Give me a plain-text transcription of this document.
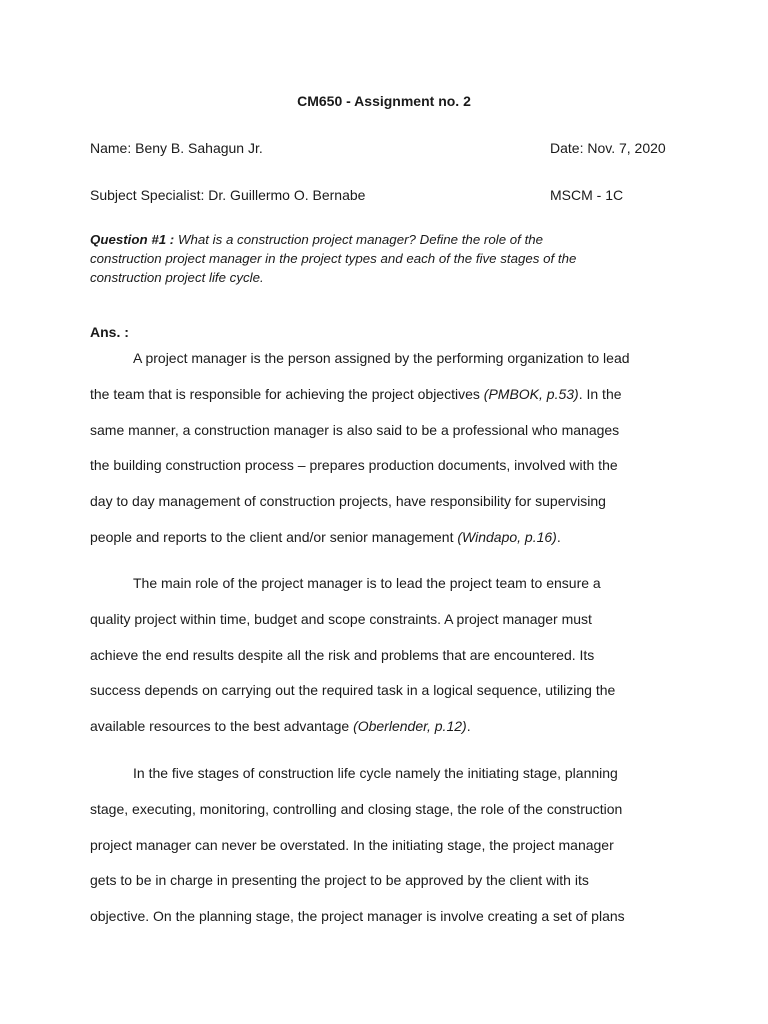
CM650 - Assignment no. 2
Name: Beny B. Sahagun Jr.	Date: Nov. 7, 2020
Subject Specialist: Dr. Guillermo O. Bernabe	MSCM - 1C
Question #1 : What is a construction project manager? Define the role of the
construction project manager in the project types and each of the five stages of the
construction project life cycle.
Ans. :
A project manager is the person assigned by the performing organization to lead
the team that is responsible for achieving the project objectives (PMBOK, p.53). In the
same manner, a construction manager is also said to be a professional who manages
the building construction process – prepares production documents, involved with the
day to day management of construction projects, have responsibility for supervising
people and reports to the client and/or senior management (Windapo, p.16).
The main role of the project manager is to lead the project team to ensure a
quality project within time, budget and scope constraints. A project manager must
achieve the end results despite all the risk and problems that are encountered. Its
success depends on carrying out the required task in a logical sequence, utilizing the
available resources to the best advantage (Oberlender, p.12).
In the five stages of construction life cycle namely the initiating stage, planning
stage, executing, monitoring, controlling and closing stage, the role of the construction
project manager can never be overstated. In the initiating stage, the project manager
gets to be in charge in presenting the project to be approved by the client with its
objective. On the planning stage, the project manager is involve creating a set of plans
